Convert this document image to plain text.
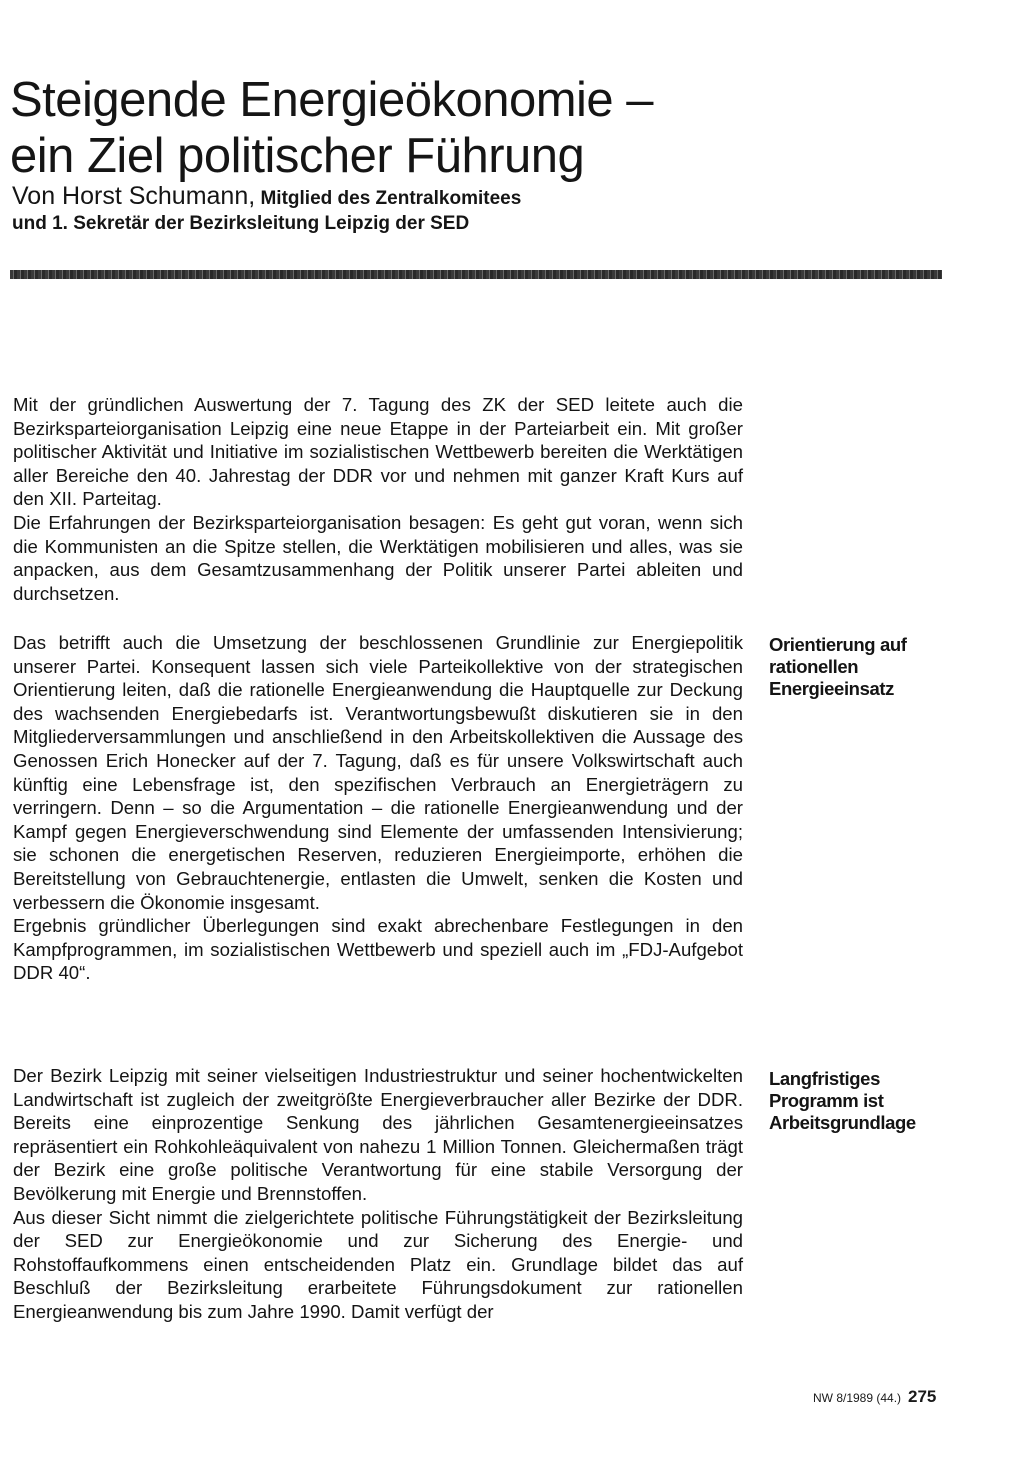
Steigende Energieökonomie –
ein Ziel politischer Führung
Von Horst Schumann, Mitglied des Zentralkomitees
und 1. Sekretär der Bezirksleitung Leipzig der SED

Mit der gründlichen Auswertung der 7. Tagung des ZK der SED leitete auch die Bezirksparteiorganisation Leipzig eine neue Etappe in der Parteiarbeit ein. Mit großer politischer Aktivität und Initiative im sozialistischen Wettbewerb bereiten die Werktätigen aller Bereiche den 40. Jahrestag der DDR vor und nehmen mit ganzer Kraft Kurs auf den XII. Parteitag.

Die Erfahrungen der Bezirksparteiorganisation besagen: Es geht gut voran, wenn sich die Kommunisten an die Spitze stellen, die Werktätigen mobilisieren und alles, was sie anpacken, aus dem Gesamtzusammenhang der Politik unserer Partei ableiten und durchsetzen.

Orientierung auf
rationellen
Energieeinsatz

Das betrifft auch die Umsetzung der beschlossenen Grundlinie zur Energiepolitik unserer Partei. Konsequent lassen sich viele Parteikollektive von der strategischen Orientierung leiten, daß die rationelle Energieanwendung die Hauptquelle zur Deckung des wachsenden Energiebedarfs ist. Verantwortungsbewußt diskutieren sie in den Mitgliederversammlungen und anschließend in den Arbeitskollektiven die Aussage des Genossen Erich Honecker auf der 7. Tagung, daß es für unsere Volkswirtschaft auch künftig eine Lebensfrage ist, den spezifischen Verbrauch an Energieträgern zu verringern. Denn – so die Argumentation – die rationelle Energieanwendung und der Kampf gegen Energieverschwendung sind Elemente der umfassenden Intensivierung; sie schonen die energetischen Reserven, reduzieren Energieimporte, erhöhen die Bereitstellung von Gebrauchtenergie, entlasten die Umwelt, senken die Kosten und verbessern die Ökonomie insgesamt.

Ergebnis gründlicher Überlegungen sind exakt abrechenbare Festlegungen in den Kampfprogrammen, im sozialistischen Wettbewerb und speziell auch im „FDJ-Aufgebot DDR 40“.

Langfristiges
Programm ist
Arbeitsgrundlage

Der Bezirk Leipzig mit seiner vielseitigen Industriestruktur und seiner hochentwickelten Landwirtschaft ist zugleich der zweitgrößte Energieverbraucher aller Bezirke der DDR. Bereits eine einprozentige Senkung des jährlichen Gesamtenergieeinsatzes repräsentiert ein Rohkohleäquivalent von nahezu 1 Million Tonnen. Gleichermaßen trägt der Bezirk eine große politische Verantwortung für eine stabile Versorgung der Bevölkerung mit Energie und Brennstoffen.

Aus dieser Sicht nimmt die zielgerichtete politische Führungstätigkeit der Bezirksleitung der SED zur Energieökonomie und zur Sicherung des Energie- und Rohstoffaufkommens einen entscheidenden Platz ein. Grundlage bildet das auf Beschluß der Bezirksleitung erarbeitete Führungsdokument zur rationellen Energieanwendung bis zum Jahre 1990. Damit verfügt der

NW 8/1989 (44.) 275
